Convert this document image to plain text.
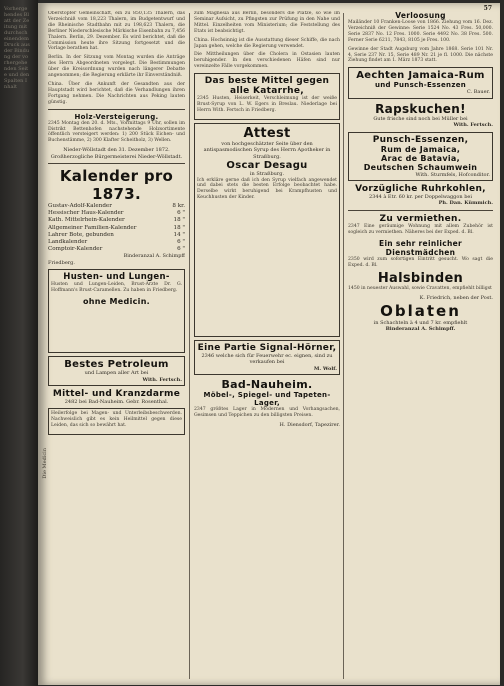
Vorhergehendes Blatt der Zeitung mit durchscheinendem Druck aus der Bindung der vorhergehenden Seite und den Spalten Inhalt
57
Die Medicin

Oberstöpfer Gemeinschaft, ein zu 850,135 Thalern, das Verzeichniß vom 18,223 Thalern, im Budgetentwurf und die Rheinische Stadtbahn mit zu 198,623 Thalern, die Berliner Niederschlesische Märkische Eisenbahn zu 7,456 Thalern. Berlin, 29. Dezember. Es wird berichtet, daß die Commission heute ihre Sitzung fortgesetzt und die Vorlage berathen hat.

Berlin. In der Sitzung vom Montag wurden die Anträge des Herrn Abgeordneten vorgelegt. Die Bestimmungen über die Kreisordnung wurden nach längerer Debatte angenommen; die Regierung erklärte ihr Einverständniß.

China. Über die Ankunft der Gesandten aus der Hauptstadt wird berichtet, daß die Verhandlungen ihren Fortgang nehmen. Die Nachrichten aus Peking lauten günstig.

Holz-Versteigerung.

2345 Montag den 20. d. Mts., Vormittags 9 Uhr, sollen im Distrikt Bettenhofen nachstehende Holzsortimente öffentlich versteigert werden: 1) 200 Stück Eichen- und Buchenstämme, 2) 300 Klafter Scheitholz, 3) Wellen.

Nieder-Wöllstadt den 31. Dezember 1872.
Großherzogliche Bürgermeisterei Nieder-Wöllstadt.
Kalender pro 1873.
Gustav-Adolf-Kalender	8 kr.
Hessischer Haus-Kalender	6 "
Kath. Mittelrhein-Kalender	18 "
Allgemeiner Familien-Kalender	18 "
Lahrer Bote, gebunden	14 "
Landkalender	6 "
Comptoir-Kalender	6 "
Binderanzal A. Schimpff
Friedberg.
Husten- und Lungen-

Husten und Lungen-Leiden, Brust-Ärzte Dr. G. Hoffmann's Brust-Caramellen. Zu haben in Friedberg.

ohne Medicin.
Bestes Petroleum
und Lampen aller Art bei
With. Fertsch.
Mittel- und Kranzdarme
2482 bei Bad-Nauheim. Gebr. Rosenthal.

Heilerfolge bei Magen- und Unterleibsbeschwerden. Nachweislich gibt es kein Heilmittel gegen diese Leiden, das sich so bewährt hat.

zum Magnesia aus Berlin, besonders die Plätze, so wie im Seminar Aufsicht, zu Pfingsten zur Prüfung in den Nahe und Mittel. Einzelheiten vom Ministerium; die Feststellung des Etats ist beabsichtigt.

China. Hochsinnig ist die Ausstattung dieser Schiffe, die nach Japan gehen, welche die Regierung verwendet.

Die Mittheilungen über die Cholera in Ostasien lauten beruhigender. In den verschiedenen Häfen sind nur vereinzelte Fälle vorgekommen.

Das beste Mittel gegen alle Katarrhe,

2345 Husten, Heiserkeit, Verschleimung ist der weiße Brust-Syrup von L. W. Egers in Breslau. Niederlage bei Herrn With. Fertsch in Friedberg.

Attest
von hochgeschätzter Seite über den antispasmodischen Syrup des Herrn Apotheker in Straßburg.
Oscar Desagu
in Straßburg.

Ich erkläre gerne daß ich den Syrup vielfach angewendet und dabei stets die besten Erfolge beobachtet habe. Derselbe wirkt beruhigend bei Krampfhusten und Keuchhusten der Kinder.

Eine Partie Signal-Hörner,
2346 welche sich für Feuerwehr ec. eignen, sind zu verkaufen bei
M. Wolf.
Bad-Nauheim.
Möbel-, Spiegel- und Tapeten-Lager,

2347 größtes Lager in Modernen und Vorhangsachen, Gesimsen und Teppichen zu den billigsten Preisen.

H. Diensdorf, Tapezirer.
Verloosung

Mailänder 10 Franken-Loose von 1866. Ziehung vom 16. Dez. Verzeichniß der Gewinne: Serie 1524 No. 43 Fres. 50,000. Serie 2837 No. 12 Fres. 1000. Serie 4492 No. 38 Fres. 500. Ferner Serie 6211, 7843, 8105 je Fres. 100.

Gewinne der Stadt Augsburg vom Jahre 1868. Serie 101 Nr. 4, Serie 237 Nr. 15, Serie 489 Nr. 21 je fl. 1000. Die nächste Ziehung findet am 1. März 1873 statt.

Aechten Jamaica-Rum
und Punsch-Essenzen
C. Bauer.
Rapskuchen!
Gute frische sind noch bei Müller bei
With. Fertsch.
Punsch-Essenzen,
Rum de Jamaica,
Arac de Batavia,
Deutschen Schaumwein
With. Sturmfels, Hofconditor.
Vorzügliche Ruhrkohlen,
2344 à Etr. 60 kr. per Doppelwaggon bei
Ph. Dan. Kümmich.
Zu vermiethen.

2347 Eine geräumige Wohnung mit allem Zubehör ist sogleich zu vermiethen. Näheres bei der Exped. d. Bl.

Ein sehr reinlicher Dienstmädchen

2350 wird zum sofortigen Eintritt gesucht. Wo sagt die Exped. d. Bl.

Halsbinden

1450 in neuester Auswahl, sowie Cravatten, empfiehlt billigst

K. Friedrich, neben der Post.
Oblaten
in Schachteln à 4 und 7 kr. empfiehlt
Binderanzal A. Schimpff.
